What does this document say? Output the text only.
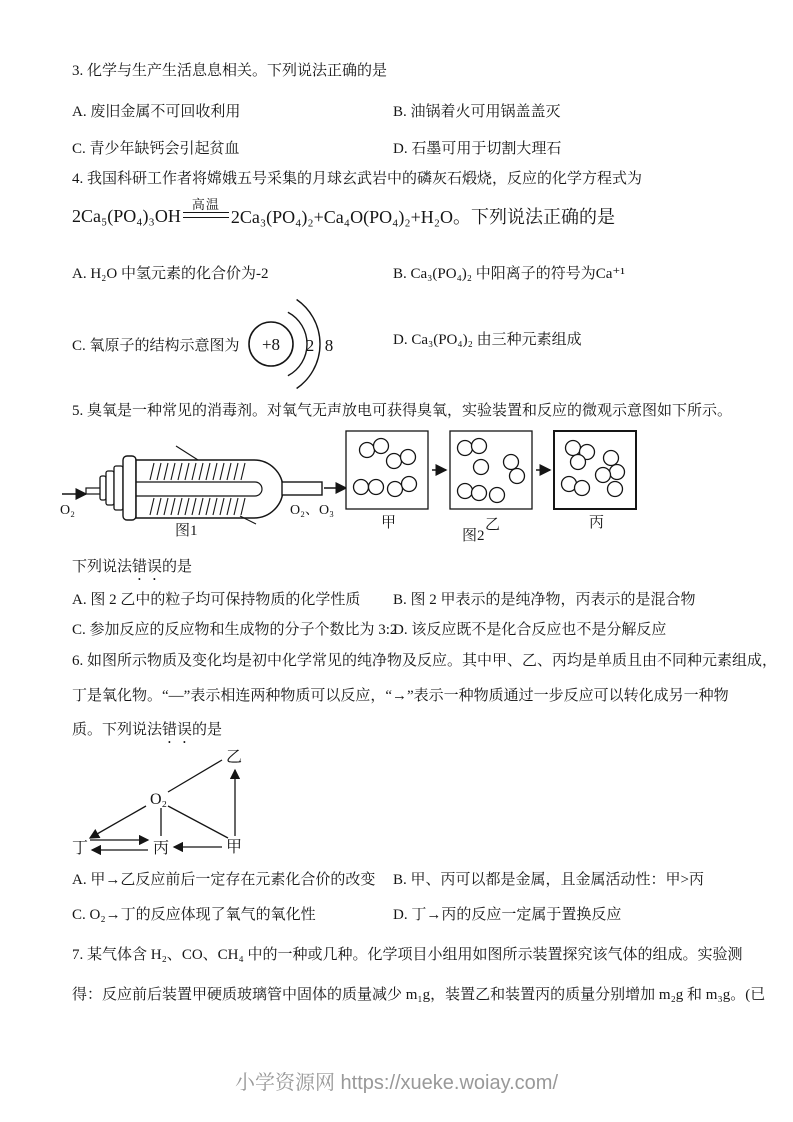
3. 化学与生产生活息息相关。下列说法正确的是
A. 废旧金属不可回收利用	B. 油锅着火可用锅盖盖灭
C. 青少年缺钙会引起贫血	D. 石墨可用于切割大理石
4. 我国科研工作者将嫦娥五号采集的月球玄武岩中的磷灰石煅烧，反应的化学方程式为
2Ca₅(PO₄)₃OH
高温
2Ca₃(PO₄)₂+Ca₄O(PO₄)₂+H₂O。下列说法正确的是
A. H₂O 中氢元素的化合价为-2	B. Ca₃(PO₄)₂ 中阳离子的符号为Ca⁺¹
C. 氧原子的结构示意图为 +8 2 8	D. Ca₃(PO₄)₂ 由三种元素组成
5. 臭氧是一种常见的消毒剂。对氧气无声放电可获得臭氧，实验装置和反应的微观示意图如下所示。
O₂	O₂、O₃
图1	甲	乙	丙
图2
下列说法错误的是
A. 图 2 乙中的粒子均可保持物质的化学性质 B. 图 2 甲表示的是纯净物，丙表示的是混合物
C. 参加反应的反应物和生成物的分子个数比为 3:2
D. 该反应既不是化合反应也不是分解反应
6. 如图所示物质及变化均是初中化学常见的纯净物及反应。其中甲、乙、丙均是单质且由不同种元素组成，
丁是氧化物。“—”表示相连两种物质可以反应，“→”表示一种物质通过一步反应可以转化成另一种物
质。下列说法错误的是
乙
O₂
丁	丙	甲
A. 甲→乙反应前后一定存在元素化合价的改变 B. 甲、丙可以都是金属，且金属活动性：甲>丙
C. O₂→丁的反应体现了氧气的氧化性	D. 丁→丙的反应一定属于置换反应
7. 某气体含 H₂、CO、CH₄ 中的一种或几种。化学项目小组用如图所示装置探究该气体的组成。实验测
得：反应前后装置甲硬质玻璃管中固体的质量减少 m₁g，装置乙和装置丙的质量分别增加 m₂g 和 m₃g。(已
小学资源网 https://xueke.woiay.com/
